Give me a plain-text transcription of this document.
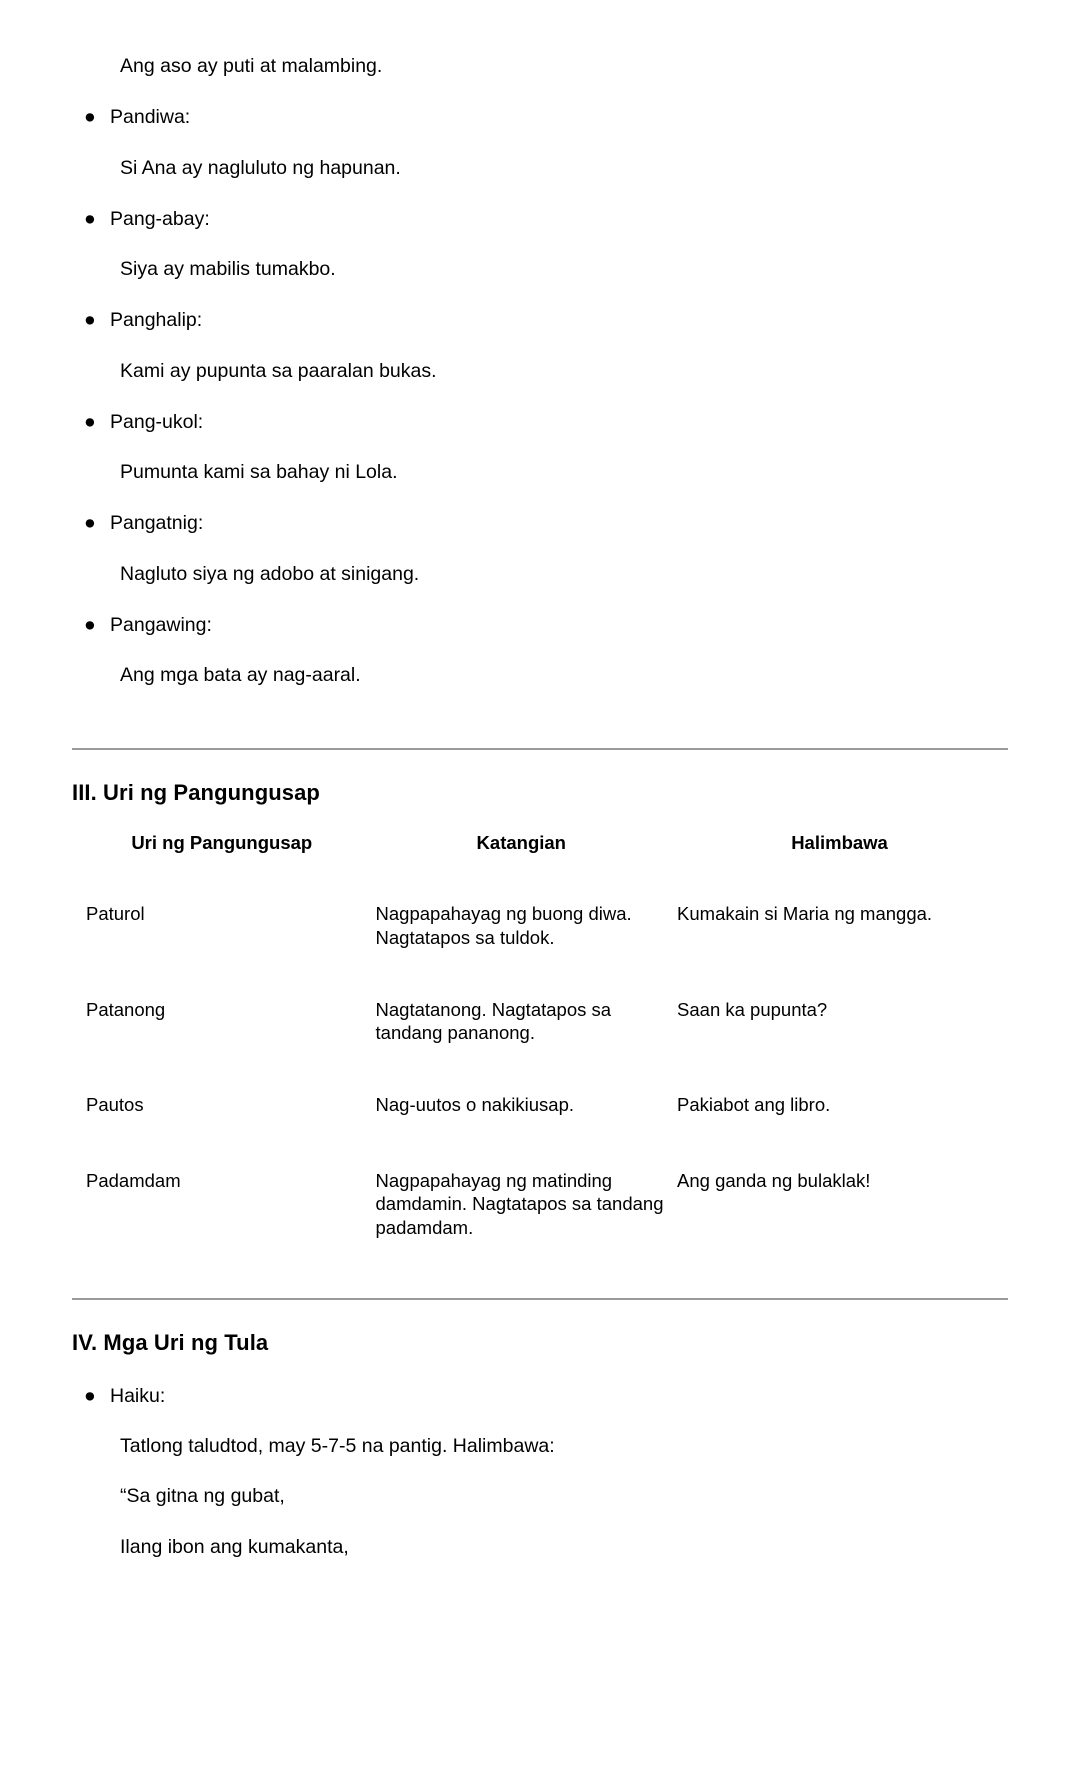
Ang aso ay puti at malambing.

● Pandiwa:

Si Ana ay nagluluto ng hapunan.

● Pang-abay:

Siya ay mabilis tumakbo.

● Panghalip:

Kami ay pupunta sa paaralan bukas.

● Pang-ukol:

Pumunta kami sa bahay ni Lola.

● Pangatnig:

Nagluto siya ng adobo at sinigang.

● Pangawing:

Ang mga bata ay nag-aaral.

III. Uri ng Pangungusap
Uri ng Pangungusap	Katangian	Halimbawa

Paturol	Nagpapahayag ng buong diwa. Nagtatapos sa tuldok.	Kumakain si Maria ng mangga.

Patanong	Nagtatanong. Nagtatapos sa tandang pananong.	Saan ka pupunta?

Pautos	Nag-uutos o nakikiusap.	Pakiabot ang libro.

Padamdam	Nagpapahayag ng matinding damdamin. Nagtatapos sa tandang padamdam.	Ang ganda ng bulaklak!
IV. Mga Uri ng Tula
● Haiku:

Tatlong taludtod, may 5-7-5 na pantig. Halimbawa:

“Sa gitna ng gubat,

Ilang ibon ang kumakanta,
